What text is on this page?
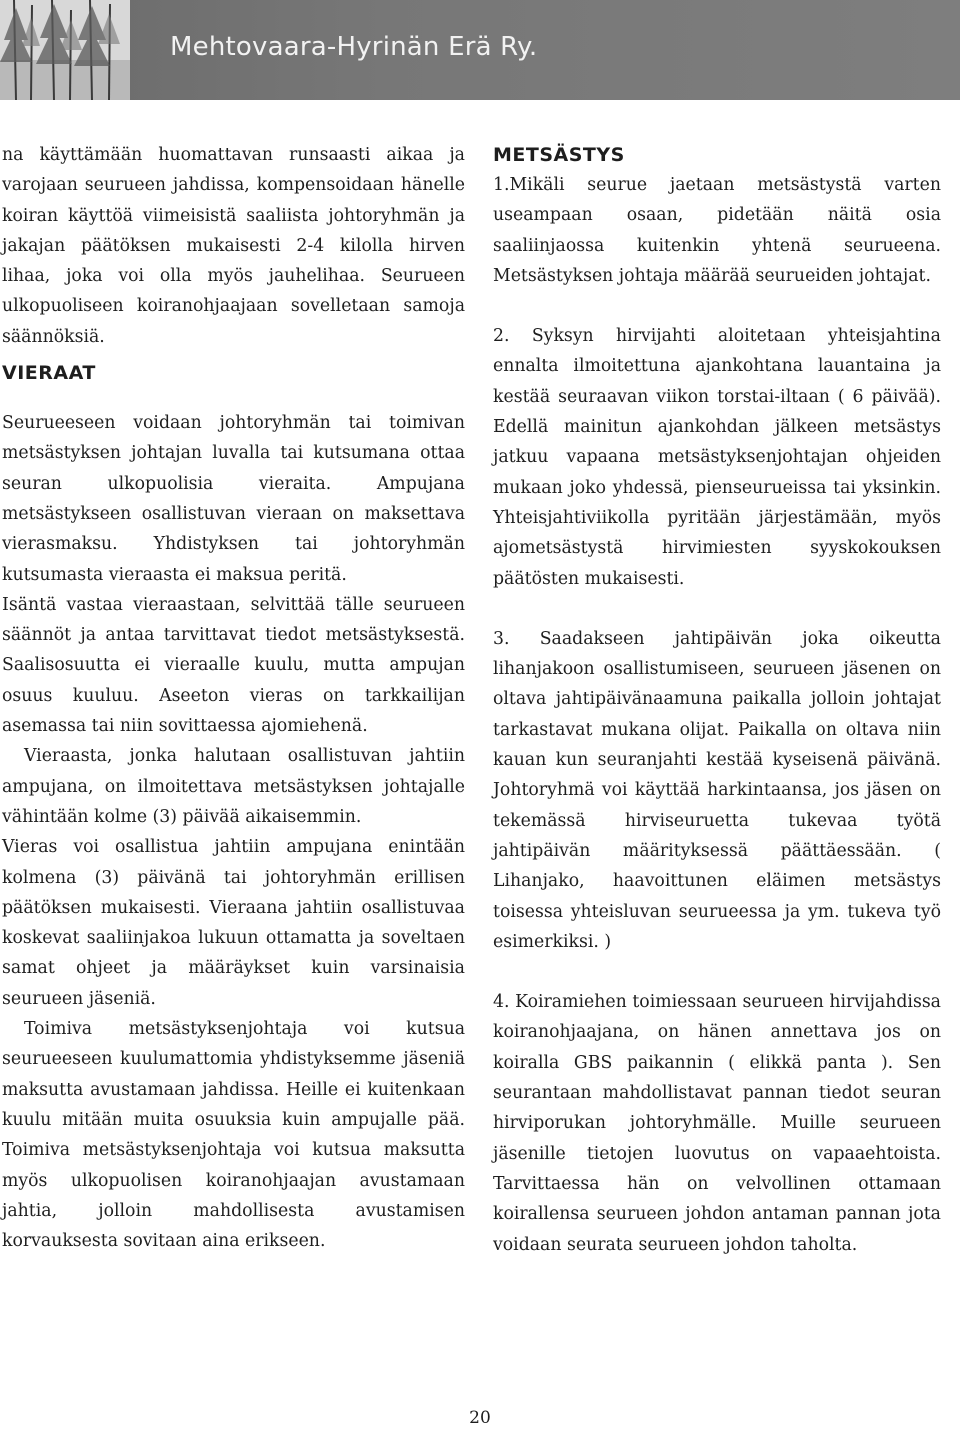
Mehtovaara-Hyrinän Erä Ry.

na käyttämään huomattavan runsaasti aikaa ja varojaan seurueen jahdissa, kompensoidaan hänelle koiran käyttöä viimeisistä saaliista johtoryhmän ja jakajan päätöksen mukaisesti 2-4 kilolla hirven lihaa, joka voi olla myös jauhelihaa. Seurueen ulkopuoliseen koiranohjaajaan sovelletaan samoja säännöksiä.

VIERAAT

Seurueeseen voidaan johtoryhmän tai toimivan metsästyksen johtajan luvalla tai kutsumana ottaa seuran ulkopuolisia vieraita. Ampujana metsästykseen osallistuvan vieraan on maksettava vierasmaksu. Yhdistyksen tai johtoryhmän kutsumasta vieraasta ei maksua peritä.

Isäntä vastaa vieraastaan, selvittää tälle seurueen säännöt ja antaa tarvittavat tiedot metsästyksestä. Saalisosuutta ei vieraalle kuulu, mutta ampujan osuus kuuluu. Aseeton vieras on tarkkailijan asemassa tai niin sovittaessa ajomiehenä.

Vieraasta, jonka halutaan osallistuvan jahtiin ampujana, on ilmoitettava metsästyksen johtajalle vähintään kolme (3) päivää aikaisemmin.

Vieras voi osallistua jahtiin ampujana enintään kolmena (3) päivänä tai johtoryhmän erillisen päätöksen mukaisesti. Vieraana jahtiin osallistuvaa koskevat saaliinjakoa lukuun ottamatta ja soveltaen samat ohjeet ja määräykset kuin varsinaisia seurueen jäseniä.

Toimiva metsästyksenjohtaja voi kutsua seurueeseen kuulumattomia yhdistyksemme jäseniä maksutta avustamaan jahdissa. Heille ei kuitenkaan kuulu mitään muita osuuksia kuin ampujalle pää. Toimiva metsästyksenjohtaja voi kutsua maksutta myös ulkopuolisen koiranohjaajan avustamaan jahtia, jolloin mahdollisesta avustamisen korvauksesta sovitaan aina erikseen.

METSÄSTYS

1.Mikäli seurue jaetaan metsästystä varten useampaan osaan, pidetään näitä osia saaliinjaossa kuitenkin yhtenä seurueena. Metsästyksen johtaja määrää seurueiden johtajat.

2. Syksyn hirvijahti aloitetaan yhteisjahtina ennalta ilmoitettuna ajankohtana lauantaina ja kestää seuraavan viikon torstai-iltaan ( 6 päivää). Edellä mainitun ajankohdan jälkeen metsästys jatkuu vapaana metsästyksenjohtajan ohjeiden mukaan joko yhdessä, pienseurueissa tai yksinkin. Yhteisjahtiviikolla pyritään järjestämään, myös ajometsästystä hirvimiesten syyskokouksen päätösten mukaisesti.

3. Saadakseen jahtipäivän joka oikeutta lihanjakoon osallistumiseen, seurueen jäsenen on oltava jahtipäivänaamuna paikalla jolloin johtajat tarkastavat mukana olijat. Paikalla on oltava niin kauan kun seuranjahti kestää kyseisenä päivänä. Johtoryhmä voi käyttää harkintaansa, jos jäsen on tekemässä hirviseuruetta tukevaa työtä jahtipäivän määrityksessä päättäessään. ( Lihanjako, haavoittunen eläimen metsästys toisessa yhteisluvan seurueessa ja ym. tukeva työ esimerkiksi. )

4. Koiramiehen toimiessaan seurueen hirvijahdissa koiranohjaajana, on hänen annettava jos on koiralla GBS paikannin ( elikkä panta ). Sen seurantaan mahdollistavat pannan tiedot seuran hirviporukan johtoryhmälle. Muille seurueen jäsenille tietojen luovutus on vapaaehtoista. Tarvittaessa hän on velvollinen ottamaan koirallensa seurueen johdon antaman pannan jota voidaan seurata seurueen johdon taholta.

20
